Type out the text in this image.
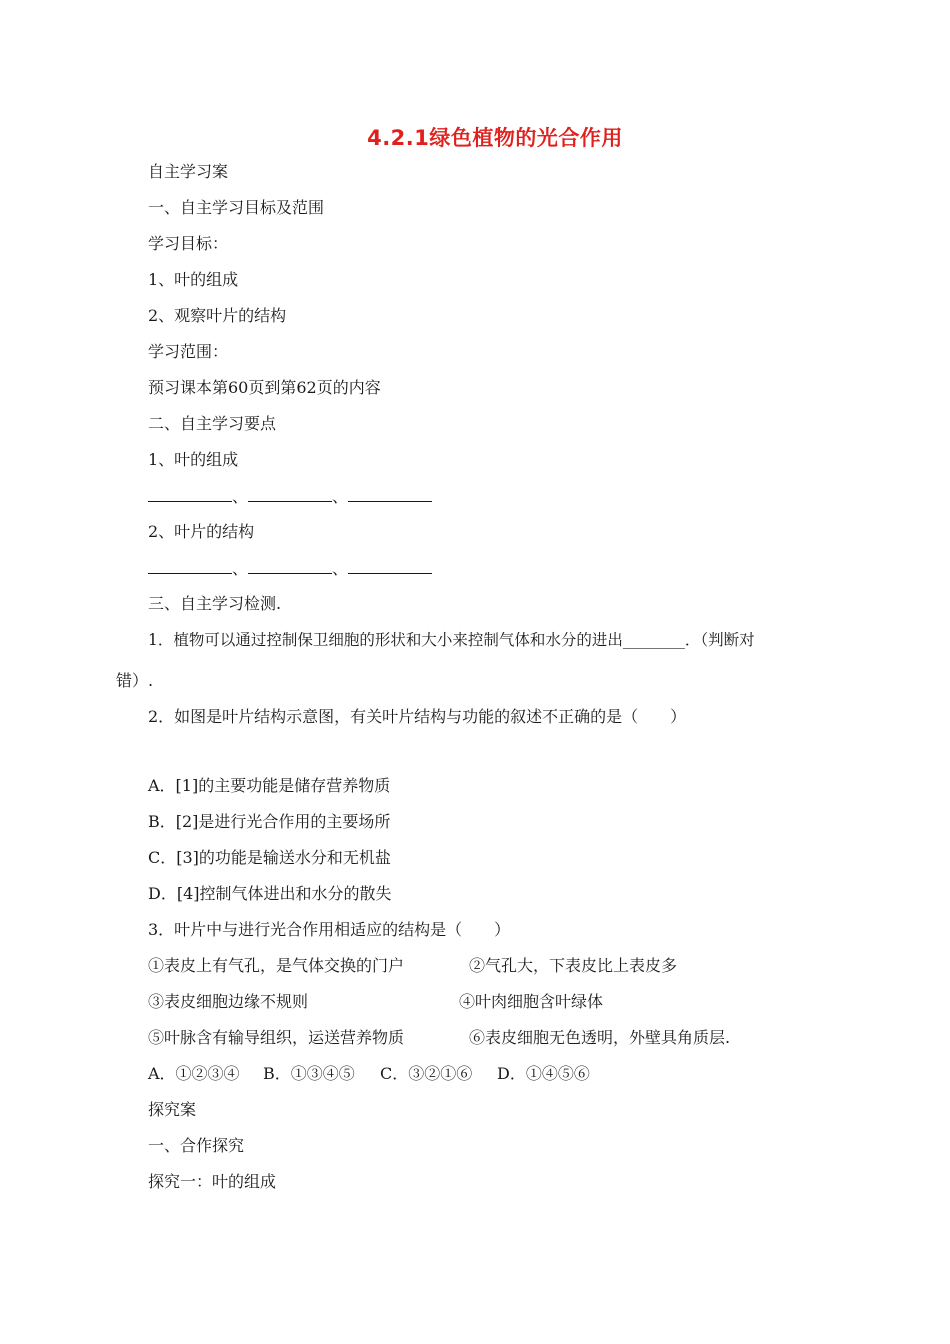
4.2.1绿色植物的光合作用
自主学习案
一、自主学习目标及范围
学习目标：
1、叶的组成
2、观察叶片的结构
学习范围：
预习课本第60页到第62页的内容
二、自主学习要点
1、叶的组成
、	、
2、叶片的结构
、	、
三、自主学习检测.
1．植物可以通过控制保卫细胞的形状和大小来控制气体和水分的进出________．（判断对
错）.
2．如图是叶片结构示意图，有关叶片结构与功能的叙述不正确的是（　　）
A．[1]的主要功能是储存营养物质
B．[2]是进行光合作用的主要场所
C．[3]的功能是输送水分和无机盐
D．[4]控制气体进出和水分的散失
3．叶片中与进行光合作用相适应的结构是（　　）
①表皮上有气孔，是气体交换的门户	②气孔大，下表皮比上表皮多
③表皮细胞边缘不规则	④叶肉细胞含叶绿体
⑤叶脉含有输导组织，运送营养物质	⑥表皮细胞无色透明，外壁具角质层.
A．①②③④ B．①③④⑤ C．③②①⑥ D．①④⑤⑥
探究案
一、合作探究
探究一：叶的组成
